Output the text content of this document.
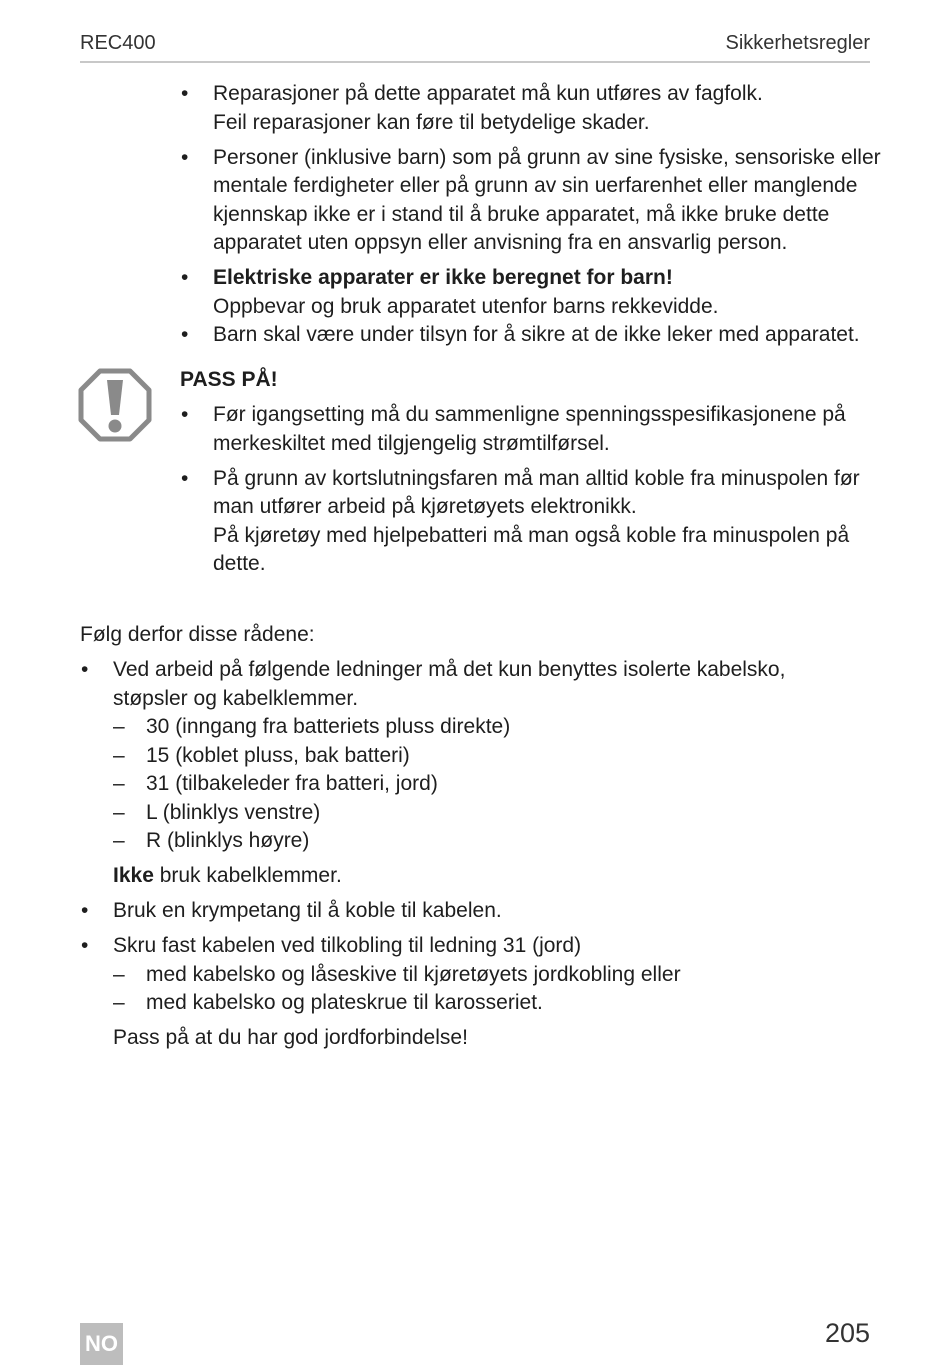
REC400	Sikkerhetsregler
• Reparasjoner på dette apparatet må kun utføres av fagfolk.
Feil reparasjoner kan føre til betydelige skader.
• Personer (inklusive barn) som på grunn av sine fysiske, sensoriske eller
mentale ferdigheter eller på grunn av sin uerfarenhet eller manglende
kjennskap ikke er i stand til å bruke apparatet, må ikke bruke dette
apparatet uten oppsyn eller anvisning fra en ansvarlig person.
• Elektriske apparater er ikke beregnet for barn!
Oppbevar og bruk apparatet utenfor barns rekkevidde.
• Barn skal være under tilsyn for å sikre at de ikke leker med apparatet.
PASS PÅ!
• Før igangsetting må du sammenligne spenningsspesifikasjonene på
merkeskiltet med tilgjengelig strømtilførsel.
• På grunn av kortslutningsfaren må man alltid koble fra minuspolen før
man utfører arbeid på kjøretøyets elektronikk.
På kjøretøy med hjelpebatteri må man også koble fra minuspolen på
dette.
Følg derfor disse rådene:
• Ved arbeid på følgende ledninger må det kun benyttes isolerte kabelsko,
støpsler og kabelklemmer.
– 30 (inngang fra batteriets pluss direkte)
– 15 (koblet pluss, bak batteri)
– 31 (tilbakeleder fra batteri, jord)
– L (blinklys venstre)
– R (blinklys høyre)
Ikke bruk kabelklemmer.
• Bruk en krympetang til å koble til kabelen.
• Skru fast kabelen ved tilkobling til ledning 31 (jord)
– med kabelsko og låseskive til kjøretøyets jordkobling eller
– med kabelsko og plateskrue til karosseriet.
Pass på at du har god jordforbindelse!
NO	205
